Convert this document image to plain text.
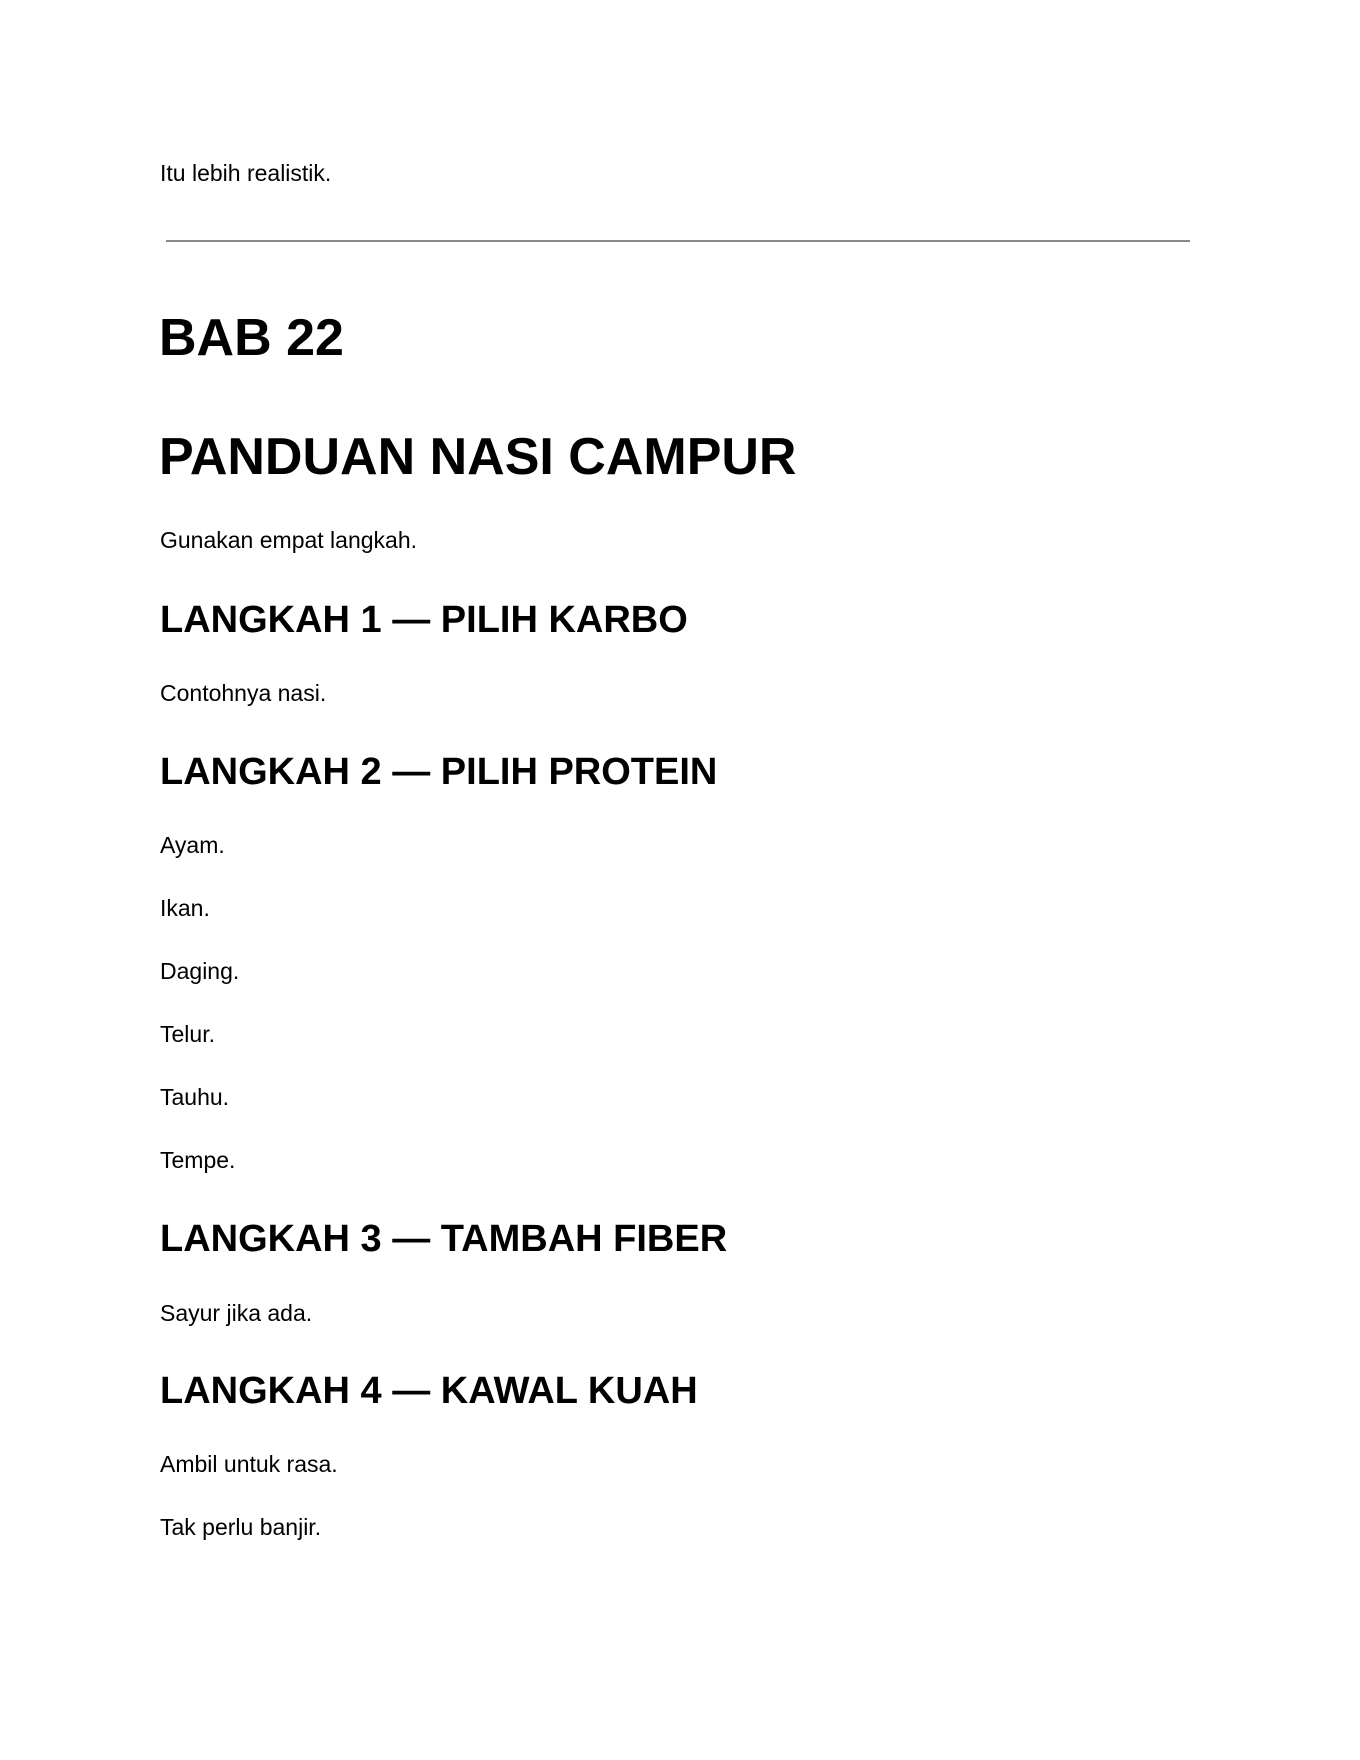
Itu lebih realistik.

BAB 22
PANDUAN NASI CAMPUR

Gunakan empat langkah.

LANGKAH 1 — PILIH KARBO

Contohnya nasi.

LANGKAH 2 — PILIH PROTEIN

Ayam.

Ikan.

Daging.

Telur.

Tauhu.

Tempe.

LANGKAH 3 — TAMBAH FIBER

Sayur jika ada.

LANGKAH 4 — KAWAL KUAH

Ambil untuk rasa.

Tak perlu banjir.
